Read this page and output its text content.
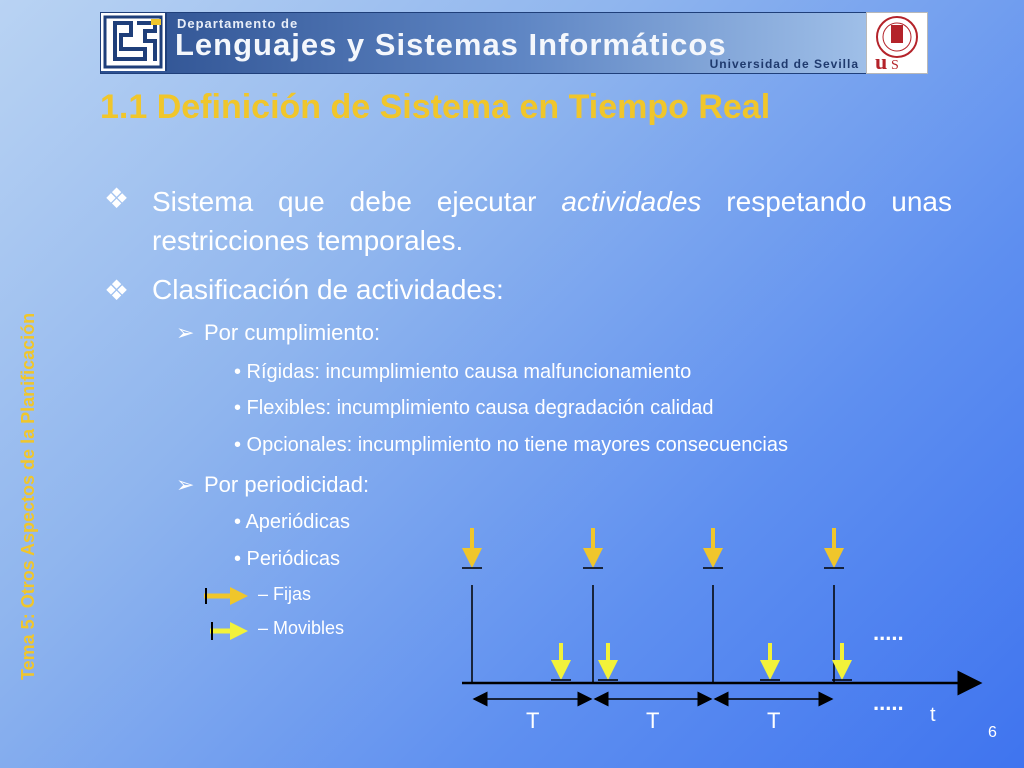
Departamento de
Lenguajes y Sistemas Informáticos
Universidad de Sevilla u S
1.1 Definición de Sistema en Tiempo Real
Tema 5: Otros Aspectos de la Planificación
❖ Sistema que debe ejecutar actividades respetando unas restricciones temporales.
❖ Clasificación de actividades:
➢ Por cumplimiento:
• Rígidas: incumplimiento causa malfuncionamiento
• Flexibles: incumplimiento causa degradación calidad
• Opcionales: incumplimiento no tiene mayores consecuencias
➢ Por periodicidad:
• Aperiódicas
• Periódicas
– Fijas
– Movibles
T	T	T	t
.....
.....
6
